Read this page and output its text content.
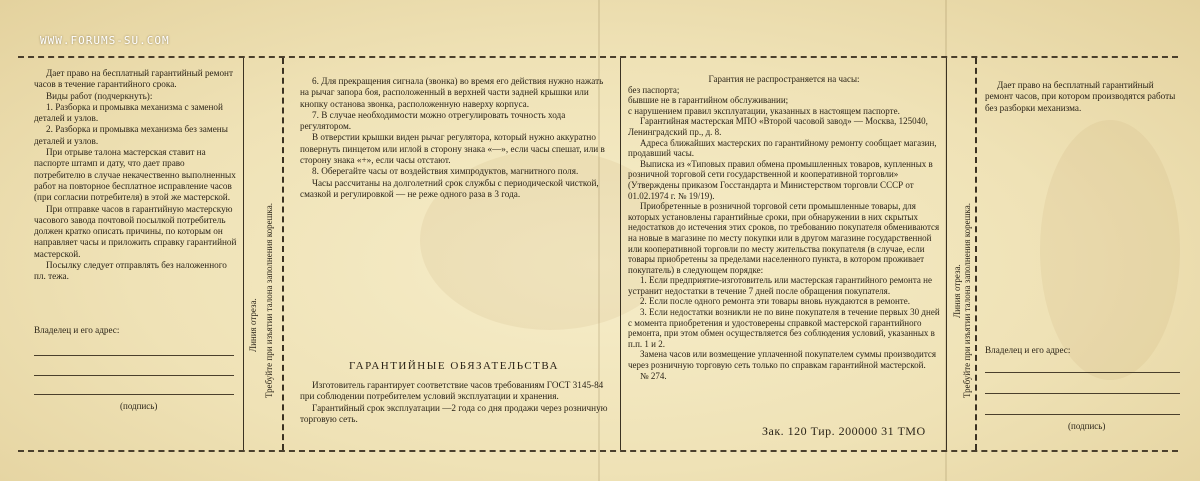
WWW.FORUMS-SU.COM

Дает право на бесплатный гарантийный ремонт часов в течение гарантийного срока.

Виды работ (подчеркнуть):

1. Разборка и промывка механизма с заменой деталей и узлов.

2. Разборка и промывка механизма без замены деталей и узлов.

При отрыве талона мастерская ставит на паспорте штамп и дату, что дает право потребителю в случае некачественно выполненных работ на повторное бесплатное исправление часов (при согласии потребителя) в этой же мастерской.

При отправке часов в гарантийную мастерскую часового завода почтовой посылкой потребитель должен кратко описать причины, по которым он направляет часы и приложить справку гарантийной мастерской.

Посылку следует отправлять без наложенного пл. тежа.

Владелец и его адрес:
(подпись)
Линия отреза. Требуйте при изъятии талона заполнения корешка.

6. Для прекращения сигнала (звонка) во время его действия нужно нажать на рычаг запора боя, расположенный в верхней части задней крышки или кнопку останова звонка, расположенную наверху корпуса.

7. В случае необходимости можно отрегулировать точность хода регулятором.

В отверстии крышки виден рычаг регулятора, который нужно аккуратно повернуть пинцетом или иглой в сторону знака «—», если часы спешат, или в сторону знака «+», если часы отстают.

8. Оберегайте часы от воздействия химпродуктов, магнитного поля.

Часы рассчитаны на долголетний срок службы с периодической чисткой, смазкой и регулировкой — не реже одного раза в 3 года.

ГАРАНТИЙНЫЕ ОБЯЗАТЕЛЬСТВА

Изготовитель гарантирует соответствие часов требованиям ГОСТ 3145-84 при соблюдении потребителем условий эксплуатации и хранения.

Гарантийный срок эксплуатации —2 года со дня продажи через розничную торговую сеть.

Гарантия не распространяется на часы:

без паспорта;

бывшие не в гарантийном обслуживании;

с нарушением правил эксплуатации, указанных в настоящем паспорте.

Гарантийная мастерская МПО «Второй часовой завод» — Москва, 125040, Ленинградский пр., д. 8.

Адреса ближайших мастерских по гарантийному ремонту сообщает магазин, продавший часы.

Выписка из «Типовых правил обмена промышленных товаров, купленных в розничной торговой сети государственной и кооперативной торговли» (Утверждены приказом Госстандарта и Министерством торговли СССР от 01.02.1974 г. № 19/19).

Приобретенные в розничной торговой сети промышленные товары, для которых установлены гарантийные сроки, при обнаружении в них скрытых недостатков до истечения этих сроков, по требованию покупателя обмениваются на новые в магазине по месту покупки или в другом магазине государственной или кооперативной торговли по месту жительства покупателя (в случае, если товары приобретены за пределами населенного пункта, в котором проживает покупатель) в следующем порядке:

1. Если предприятие-изготовитель или мастерская гарантийного ремонта не устранит недостатки в течение 7 дней после обращения покупателя.

2. Если после одного ремонта эти товары вновь нуждаются в ремонте.

3. Если недостатки возникли не по вине покупателя в течение первых 30 дней с момента приобретения и удостоверены справкой мастерской гарантийного ремонта, при этом обмен осуществляется без соблюдения условий, указанных в п.п. 1 и 2.

Замена часов или возмещение уплаченной покупателем суммы производится через розничную торговую сеть только по справкам гарантийной мастерской.

№ 274.

Зак. 120 Тир. 200000 31 ТМО
Линия отреза. Требуйте при изъятии талона заполнения корешка.

Дает право на бесплатный гарантийный ремонт часов, при котором производятся работы без разборки механизма.

Владелец и его адрес:
(подпись)
